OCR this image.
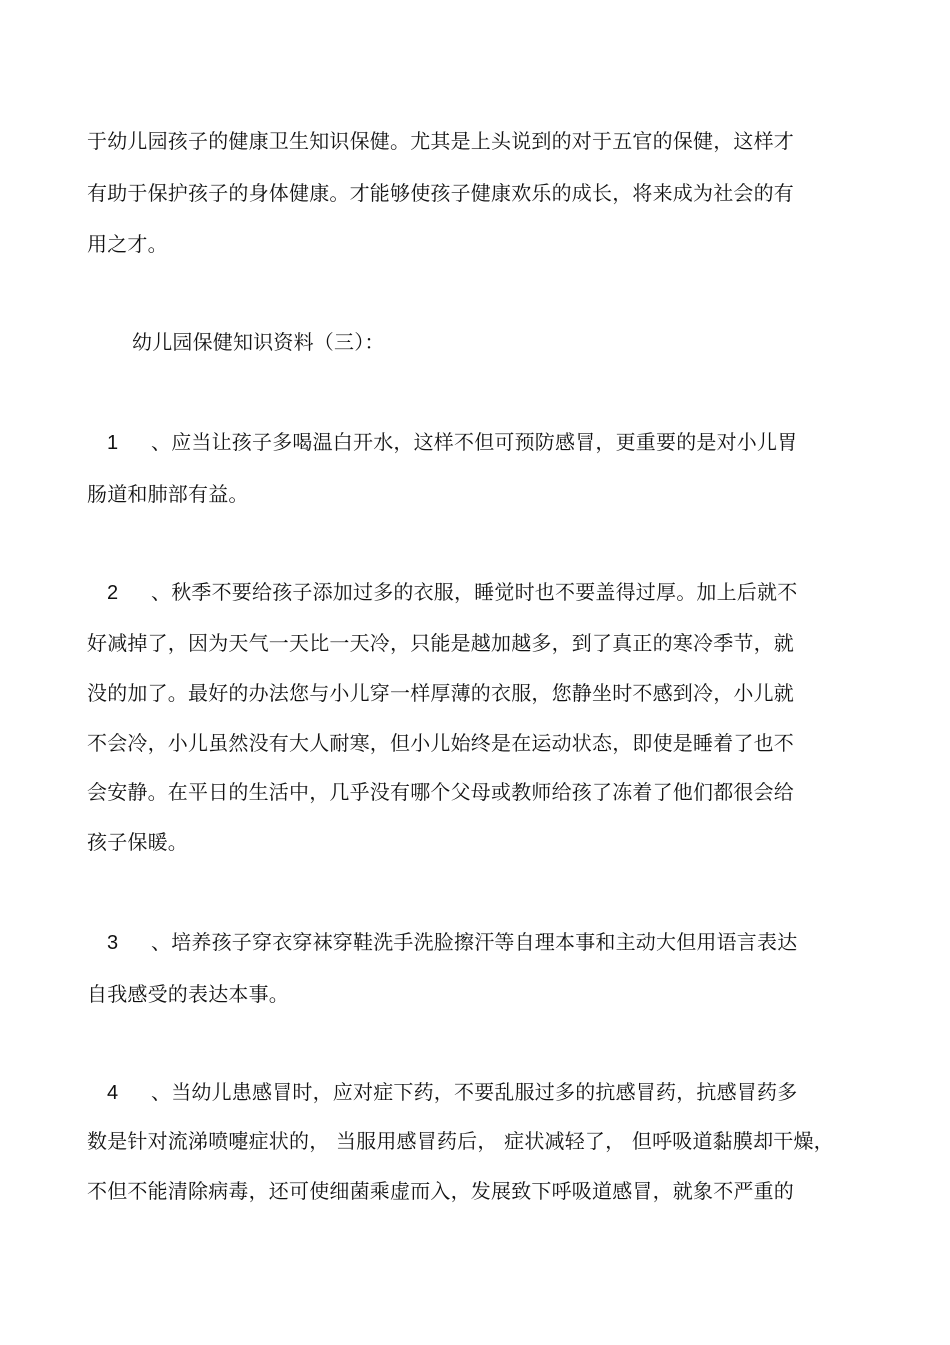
于幼儿园孩子的健康卫生知识保健。尤其是上头说到的对于五官的保健，这样才
有助于保护孩子的身体健康。才能够使孩子健康欢乐的成长，将来成为社会的有
用之才。
幼儿园保健知识资料（三）：
1 、应当让孩子多喝温白开水，这样不但可预防感冒，更重要的是对小儿胃
肠道和肺部有益。
2 、秋季不要给孩子添加过多的衣服，睡觉时也不要盖得过厚。加上后就不
好减掉了，因为天气一天比一天冷，只能是越加越多，到了真正的寒冷季节，就
没的加了。最好的办法您与小儿穿一样厚薄的衣服，您静坐时不感到冷，小儿就
不会冷，小儿虽然没有大人耐寒，但小儿始终是在运动状态，即使是睡着了也不
会安静。在平日的生活中，几乎没有哪个父母或教师给孩了冻着了他们都很会给
孩子保暖。
3 、培养孩子穿衣穿袜穿鞋洗手洗脸擦汗等自理本事和主动大但用语言表达
自我感受的表达本事。
4 、当幼儿患感冒时，应对症下药，不要乱服过多的抗感冒药，抗感冒药多
数是针对流涕喷嚏症状的， 当服用感冒药后， 症状减轻了， 但呼吸道黏膜却干燥，
不但不能清除病毒，还可使细菌乘虚而入，发展致下呼吸道感冒，就象不严重的
